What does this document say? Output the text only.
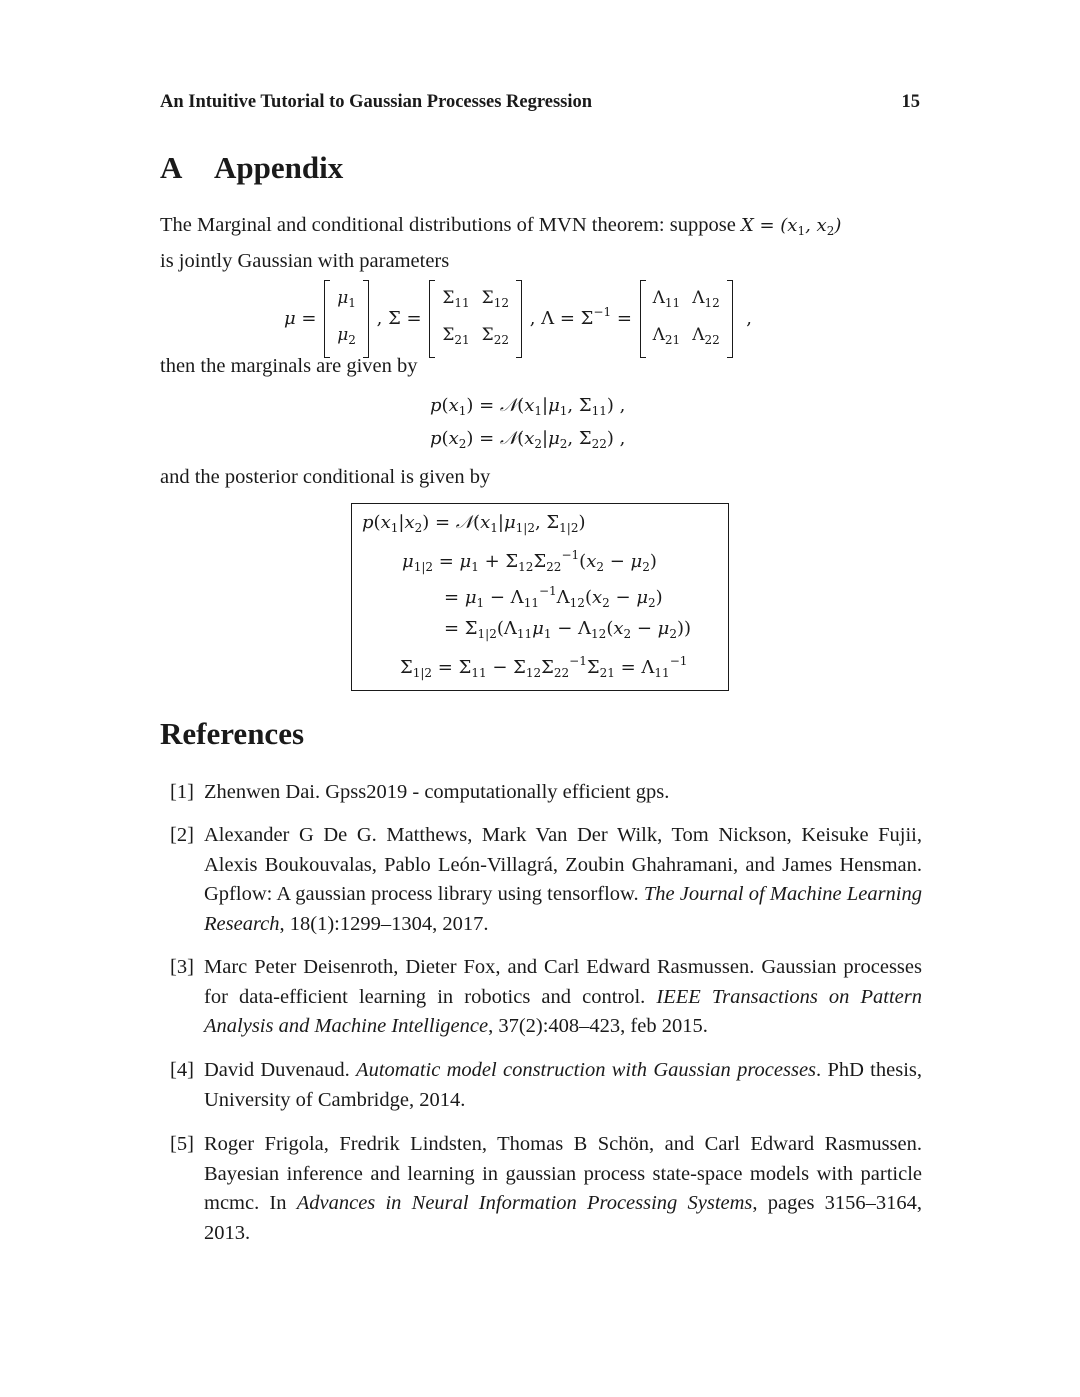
An Intuitive Tutorial to Gaussian Processes Regression	15
A Appendix
The Marginal and conditional distributions of MVN theorem: suppose $X = (x_1$, $x_2$)
is jointly Gaussian with parameters
μ =
$\mu_1$
$\mu_2$
, Σ =
$\Sigma_{11}$	$\Sigma_{12}$
$\Sigma_{21}$	$\Sigma_{22}$
, $\Lambda = \Sigma^{-1}$ =
$\Lambda_{11}$	$\Lambda_{12}$
$\Lambda_{21}$	$\Lambda_{22}$
,
then the marginals are given by
$p(x_1)$ = $𝒩(x_1|\mu_1$, $\Sigma_{11}$) ,
$p(x_2)$ = $𝒩(x_2|\mu_2$, $\Sigma_{22}$) ,
and the posterior conditional is given by
$p(x_1|x_2)$ = $𝒩(x_1|\mu_{1|2}$, $\Sigma_{1|2}$)
$\mu_{1|2} = \mu_1 + \Sigma_{12}\Sigma_{22}^{-1}(x_2 - \mu_2)$
= $\mu_1 - \Lambda_{11}^{-1}\Lambda_{12}(x_2 - \mu_2)$
= $\Sigma_{1|2}(\Lambda_{11}\mu_1 - \Lambda_{12}(x_2 - \mu_2))$
$\Sigma_{1|2} = \Sigma_{11} - \Sigma_{12}\Sigma_{22}^{-1}\Sigma_{21} = \Lambda_{11}^{-1}$
References
[1] Zhenwen Dai. Gpss2019 - computationally efficient gps.
[2] Alexander G De G. Matthews, Mark Van Der Wilk, Tom Nickson, Keisuke Fujii, Alexis Boukouvalas, Pablo León-Villagrá, Zoubin Ghahramani, and James Hensman. Gpflow: A gaussian process library using tensorflow. The Journal of Machine Learning Research, 18(1):1299–1304, 2017.
[3] Marc Peter Deisenroth, Dieter Fox, and Carl Edward Rasmussen. Gaussian processes for data-efficient learning in robotics and control. IEEE Transactions on Pattern Analysis and Machine Intelligence, 37(2):408–423, feb 2015.
[4] David Duvenaud. Automatic model construction with Gaussian processes. PhD thesis, University of Cambridge, 2014.
[5] Roger Frigola, Fredrik Lindsten, Thomas B Schön, and Carl Edward Rasmussen. Bayesian inference and learning in gaussian process state-space models with particle mcmc. In Advances in Neural Information Processing Systems, pages 3156–3164, 2013.
